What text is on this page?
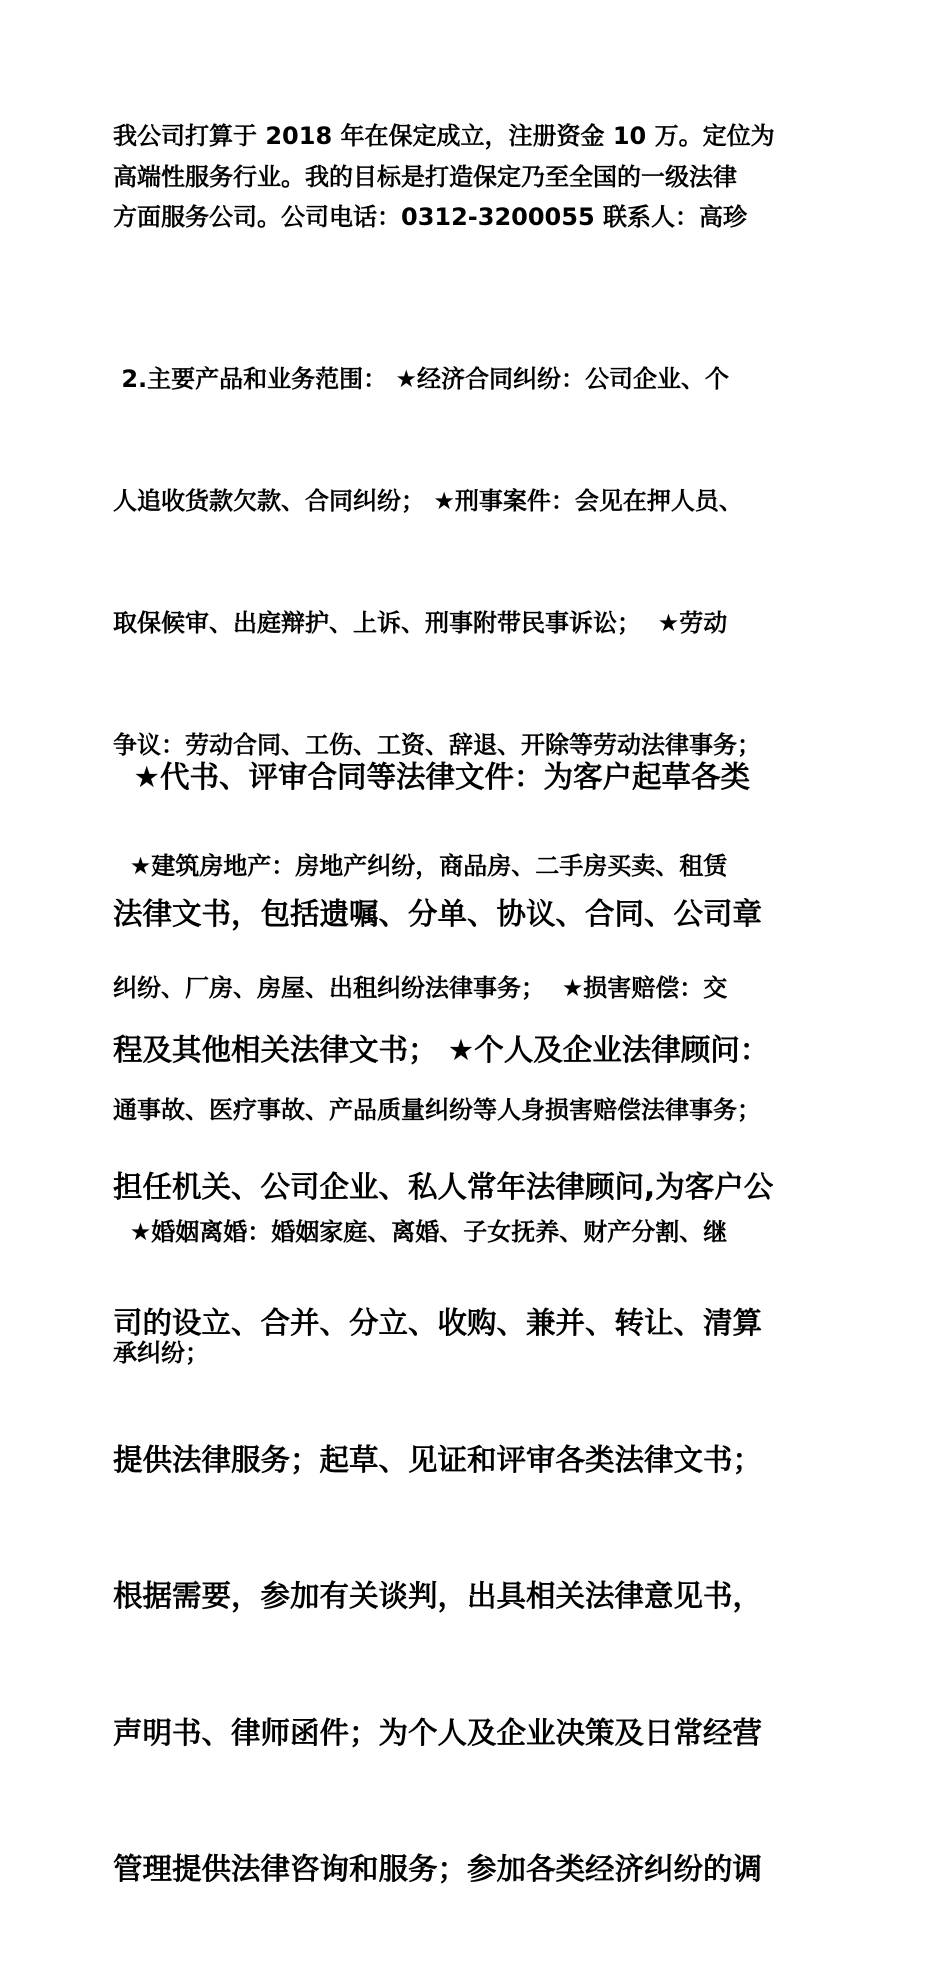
我公司打算于 2018 年在保定成立，注册资金 10 万。定位为
高端性服务行业。我的目标是打造保定乃至全国的一级法律
方面服务公司。公司电话：0312-3200055 联系人：高珍

2.主要产品和业务范围： ★经济合同纠纷：公司企业、个

人追收货款欠款、合同纠纷； ★刑事案件：会见在押人员、

取保候审、出庭辩护、上诉、刑事附带民事诉讼；  ★劳动

争议：劳动合同、工伤、工资、辞退、开除等劳动法律事务；

★建筑房地产：房地产纠纷，商品房、二手房买卖、租赁

纠纷、厂房、房屋、出租纠纷法律事务；  ★损害赔偿：交

通事故、医疗事故、产品质量纠纷等人身损害赔偿法律事务；

★婚姻离婚：婚姻家庭、离婚、子女抚养、财产分割、继

承纠纷；

★代书、评审合同等法律文件：为客户起草各类

法律文书，包括遗嘱、分单、协议、合同、公司章

程及其他相关法律文书； ★个人及企业法律顾问：

担任机关、公司企业、私人常年法律顾问,为客户公

司的设立、合并、分立、收购、兼并、转让、清算

提供法律服务；起草、见证和评审各类法律文书；

根据需要，参加有关谈判，出具相关法律意见书，

声明书、律师函件；为个人及企业决策及日常经营

管理提供法律咨询和服务；参加各类经济纠纷的调
